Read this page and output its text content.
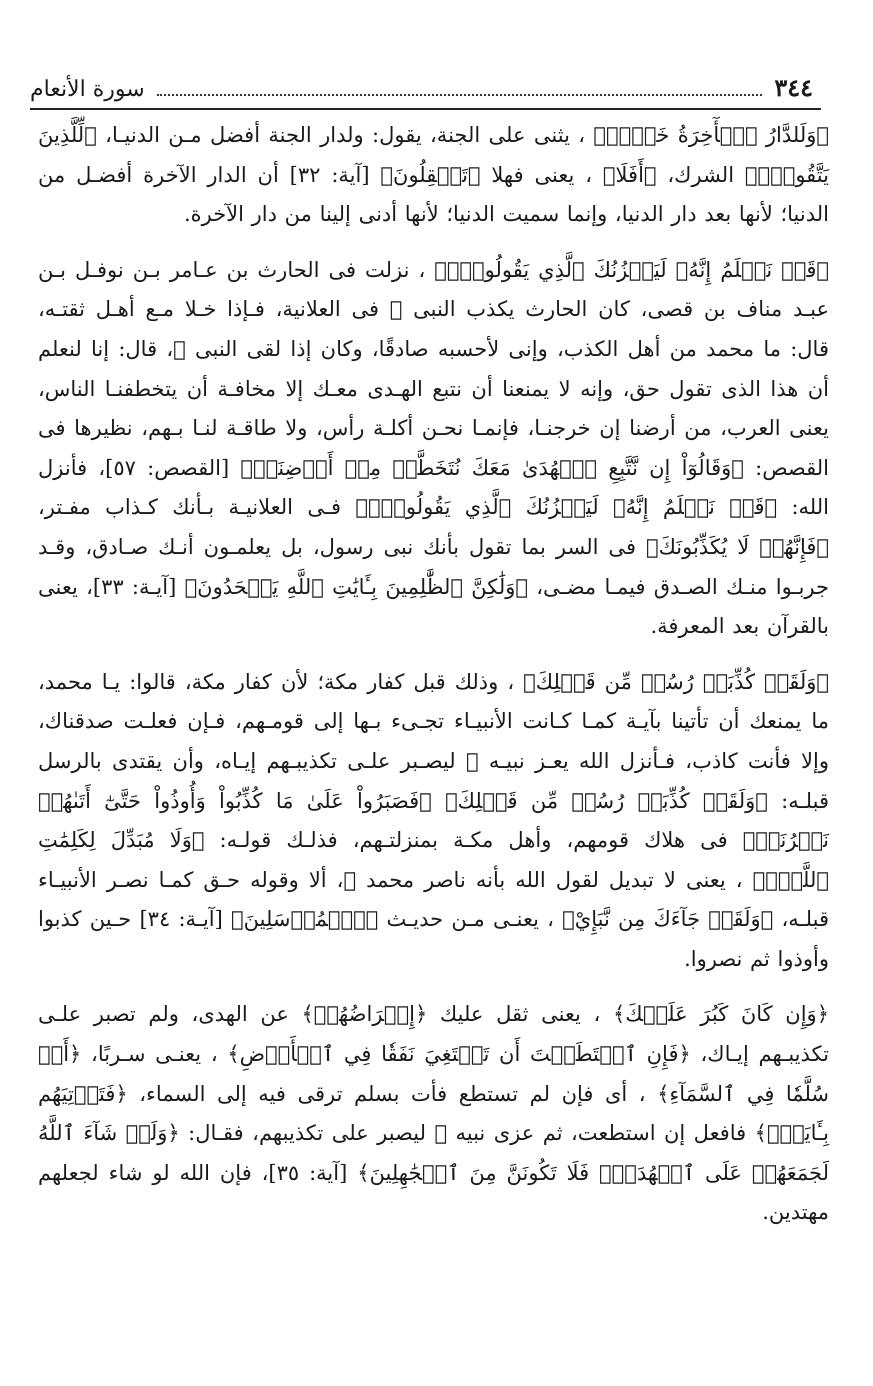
٣٤٤
سورة الأنعام

﴿وَلَلدَّارُ ٱلۡأٓخِرَةُ خَيۡرٞ﴾ ، يثنى على الجنة، يقول: ولدار الجنة أفضل مـن الدنيـا، ﴿لِّلَّذِينَ يَتَّقُونَۚ﴾ الشرك، ﴿أَفَلَا﴾ ، يعنى فهلا ﴿تَعۡقِلُونَ﴾ [آية: ٣٢] أن الدار الآخرة أفضـل من الدنيا؛ لأنها بعد دار الدنيا، وإنما سميت الدنيا؛ لأنها أدنى إلينا من دار الآخرة.

﴿قَدۡ نَعۡلَمُ إِنَّهُۥ لَيَحۡزُنُكَ ٱلَّذِي يَقُولُونَۖ﴾ ، نزلت فى الحارث بن عـامر بـن نوفـل بـن عبـد مناف بن قصى، كان الحارث يكذب النبى ﷺ فى العلانية، فـإذا خـلا مـع أهـل ثقتـه، قال: ما محمد من أهل الكذب، وإنى لأحسبه صادقًا، وكان إذا لقى النبى ﷺ، قال: إنا لنعلم أن هذا الذى تقول حق، وإنه لا يمنعنا أن نتبع الهـدى معـك إلا مخافـة أن يتخطفنـا الناس، يعنى العرب، من أرضنا إن خرجنـا، فإنمـا نحـن أكلـة رأس، ولا طاقـة لنـا بـهم، نظيرها فى القصص: ﴿وَقَالُوٓاْ إِن نَّتَّبِعِ ٱلۡهُدَىٰ مَعَكَ نُتَخَطَّفۡ مِنۡ أَرۡضِنَآۚ﴾ [القصص: ٥٧]، فأنزل الله: ﴿قَدۡ نَعۡلَمُ إِنَّهُۥ لَيَحۡزُنُكَ ٱلَّذِي يَقُولُونَۖ﴾ فـى العلانيـة بـأنك كـذاب مفـتر، ﴿فَإِنَّهُمۡ لَا يُكَذِّبُونَكَ﴾ فى السر بما تقول بأنك نبى رسول، بل يعلمـون أنـك صـادق، وقـد جربـوا منـك الصـدق فيمـا مضـى، ﴿وَلَٰكِنَّ ٱلظَّٰلِمِينَ بِـَٔايَٰتِ ٱللَّهِ يَجۡحَدُونَ﴾ [آيـة: ٣٣]، يعنى بالقرآن بعد المعرفة.

﴿وَلَقَدۡ كُذِّبَتۡ رُسُلٞ مِّن قَبۡلِكَ﴾ ، وذلك قبل كفار مكة؛ لأن كفار مكة، قالوا: يـا محمد، ما يمنعك أن تأتينا بآيـة كمـا كـانت الأنبيـاء تجـىء بـها إلى قومـهم، فـإن فعلـت صدقناك، وإلا فأنت كاذب، فـأنزل الله يعـز نبيـه ﷺ ليصـبر علـى تكذيبـهم إيـاه، وأن يقتدى بالرسل قبلـه: ﴿وَلَقَدۡ كُذِّبَتۡ رُسُلٞ مِّن قَبۡلِكَ﴾ ﴿فَصَبَرُواْ عَلَىٰ مَا كُذِّبُواْ وَأُوذُواْ حَتَّىٰٓ أَتَىٰهُمۡ نَصۡرُنَاۚ﴾ فى هلاك قومهم، وأهل مكـة بمنزلتـهم، فذلـك قولـه: ﴿وَلَا مُبَدِّلَ لِكَلِمَٰتِ ٱللَّهِۚ﴾ ، يعنى لا تبديل لقول الله بأنه ناصر محمد ﷺ، ألا وقوله حـق كمـا نصـر الأنبيـاء قبلـه، ﴿وَلَقَدۡ جَآءَكَ مِن نَّبَإِيْ﴾ ، يعنـى مـن حديـث ﴿ٱلۡمُرۡسَلِينَ﴾ [آيـة: ٣٤] حـين كذبوا وأوذوا ثم نصروا.

﴿وَإِن كَانَ كَبُرَ عَلَيۡكَ﴾ ، يعنى ثقل عليك ﴿إِعۡرَاضُهُمۡ﴾ عن الهدى، ولم تصبر علـى تكذيبـهم إيـاك، ﴿فَإِنِ ٱسۡتَطَعۡتَ أَن تَبۡتَغِيَ نَفَقٗا فِي ٱلۡأَرۡضِ﴾ ، يعنـى سـربًا، ﴿أَوۡ سُلَّمٗا فِي ٱلسَّمَآءِ﴾ ، أى فإن لم تستطع فأت بسلم ترقى فيه إلى السماء، ﴿فَتَأۡتِيَهُم بِـَٔايَةٖۚ﴾ فافعل إن استطعت، ثم عزى نبيه ﷺ ليصبر على تكذيبهم، فقـال: ﴿وَلَوۡ شَآءَ ٱللَّهُ لَجَمَعَهُمۡ عَلَى ٱلۡهُدَىٰۚ فَلَا تَكُونَنَّ مِنَ ٱلۡجَٰهِلِينَ﴾ [آية: ٣٥]، فإن الله لو شاء لجعلهم مهتدين.
